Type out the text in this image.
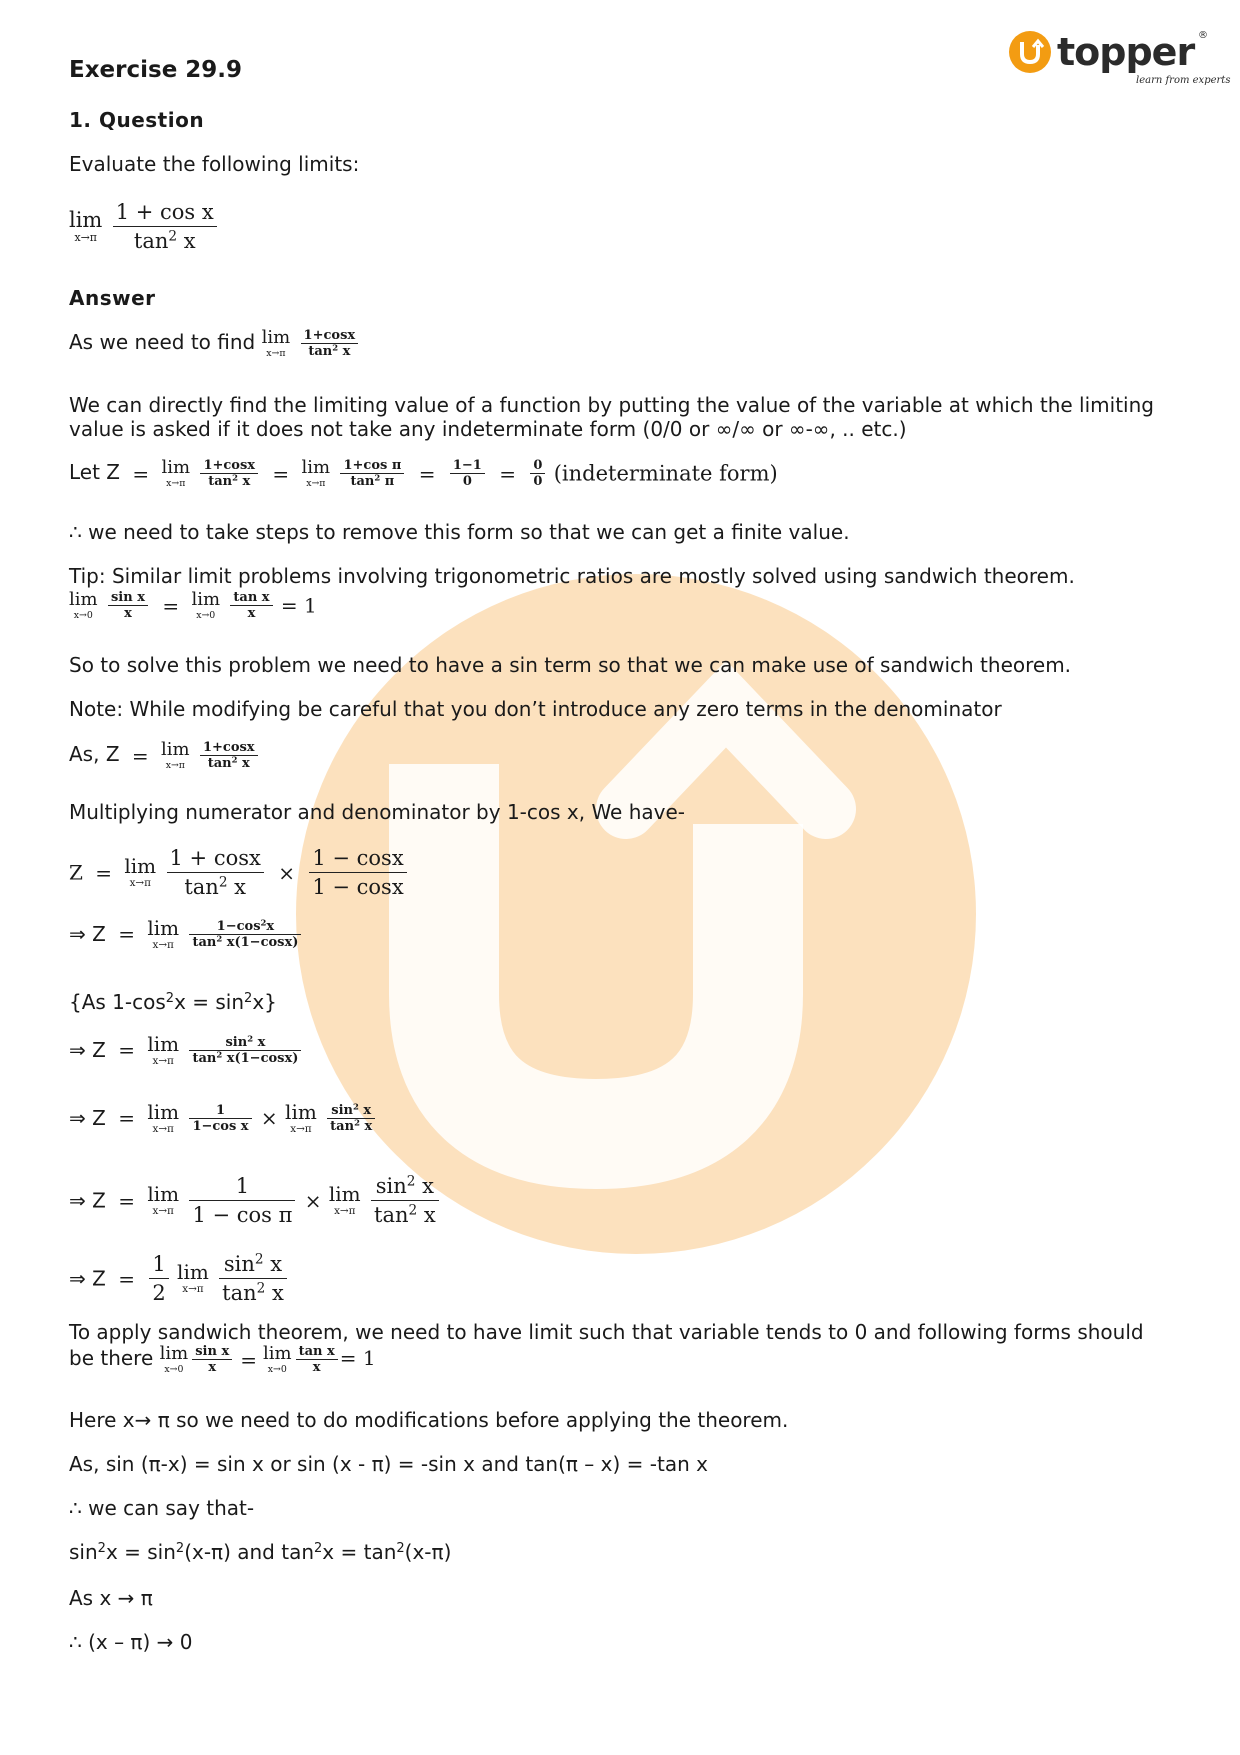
topper ®
learn from experts
Exercise 29.9
1. Question
Evaluate the following limits:
lim
x→π
$\frac{\text{1 + cos x}}{\tan^2 x}$
Answer
As we need to find lim
x→π
	$\frac{1+\cos x}{\tan^2 x}$
We can directly find the limiting value of a function by putting the value of the variable at which the limiting value is asked if it does not take any indeterminate form (0/0 or ∞/∞ or ∞-∞, .. etc.)
Let Z = lim
x→π
	$\frac{1+\cos x}{\tan^2 x} = \lim$
x→π
	$\frac{\text{1+cos π}}{\tan^2 \pi} = \frac{1-1}{0} = \frac{0}{0}$ (indeterminate form)
∴ we need to take steps to remove this form so that we can get a finite value.
Tip: Similar limit problems involving trigonometric ratios are mostly solved using sandwich theorem.
lim
x→0
	$\frac{\text{sin x}}{x} = \lim$
x→0
	$\frac{\text{tan x}}{x} = 1$
So to solve this problem we need to have a sin term so that we can make use of sandwich theorem.
Note: While modifying be careful that you don’t introduce any zero terms in the denominator
As, Z = lim
x→π
	$\frac{1+\cos x}{\tan^2 x}$
Multiplying numerator and denominator by 1-cos x, We have-
Z = lim
x→π
$\frac{1 + \cos x}{\tan^2 x} \times \frac{1 - \cos x}{1 - \cos x}$
⇒ Z = lim
x→π
	$\frac{1-\cos^2x}{\tan^2 x(1-\cos x)}$
{As $1-\cos^2x = \sin^2x$}
⇒ Z = lim
x→π
	$\frac{\sin^2 x}{\tan^2 x(1-\cos x)}$
⇒ Z = lim
x→π
	$\frac{1}{\text{1−cos x}} \times \lim$
x→π
	$\frac{\sin^2 x}{\tan^2 x}$
⇒ Z = lim
x→π
$\frac{1}{\text{1 − cos π}} \times \lim$
x→π
$\frac{\sin^2 x}{\tan^2 x}$
⇒ $Z = \frac{1}{2}$ lim
x→π
$\frac{\sin^2 x}{\tan^2 x}$
To apply sandwich theorem, we need to have limit such that variable tends to 0 and following forms should be there lim
$x\to 0 \frac{\text{sin x}}{x} = \lim$
$x\to 0 \frac{\text{tan x}}{x} = 1$
Here x→ π so we need to do modifications before applying the theorem.
As, sin (π-x) = sin x or sin (x - π) = -sin x and tan(π – x) = -tan x
∴ we can say that-
$\sin^2x = \sin^2(x-\pi)$ and $\tan^2x = \tan^2(x-\pi)$
As x → π
∴ (x – π) → 0
